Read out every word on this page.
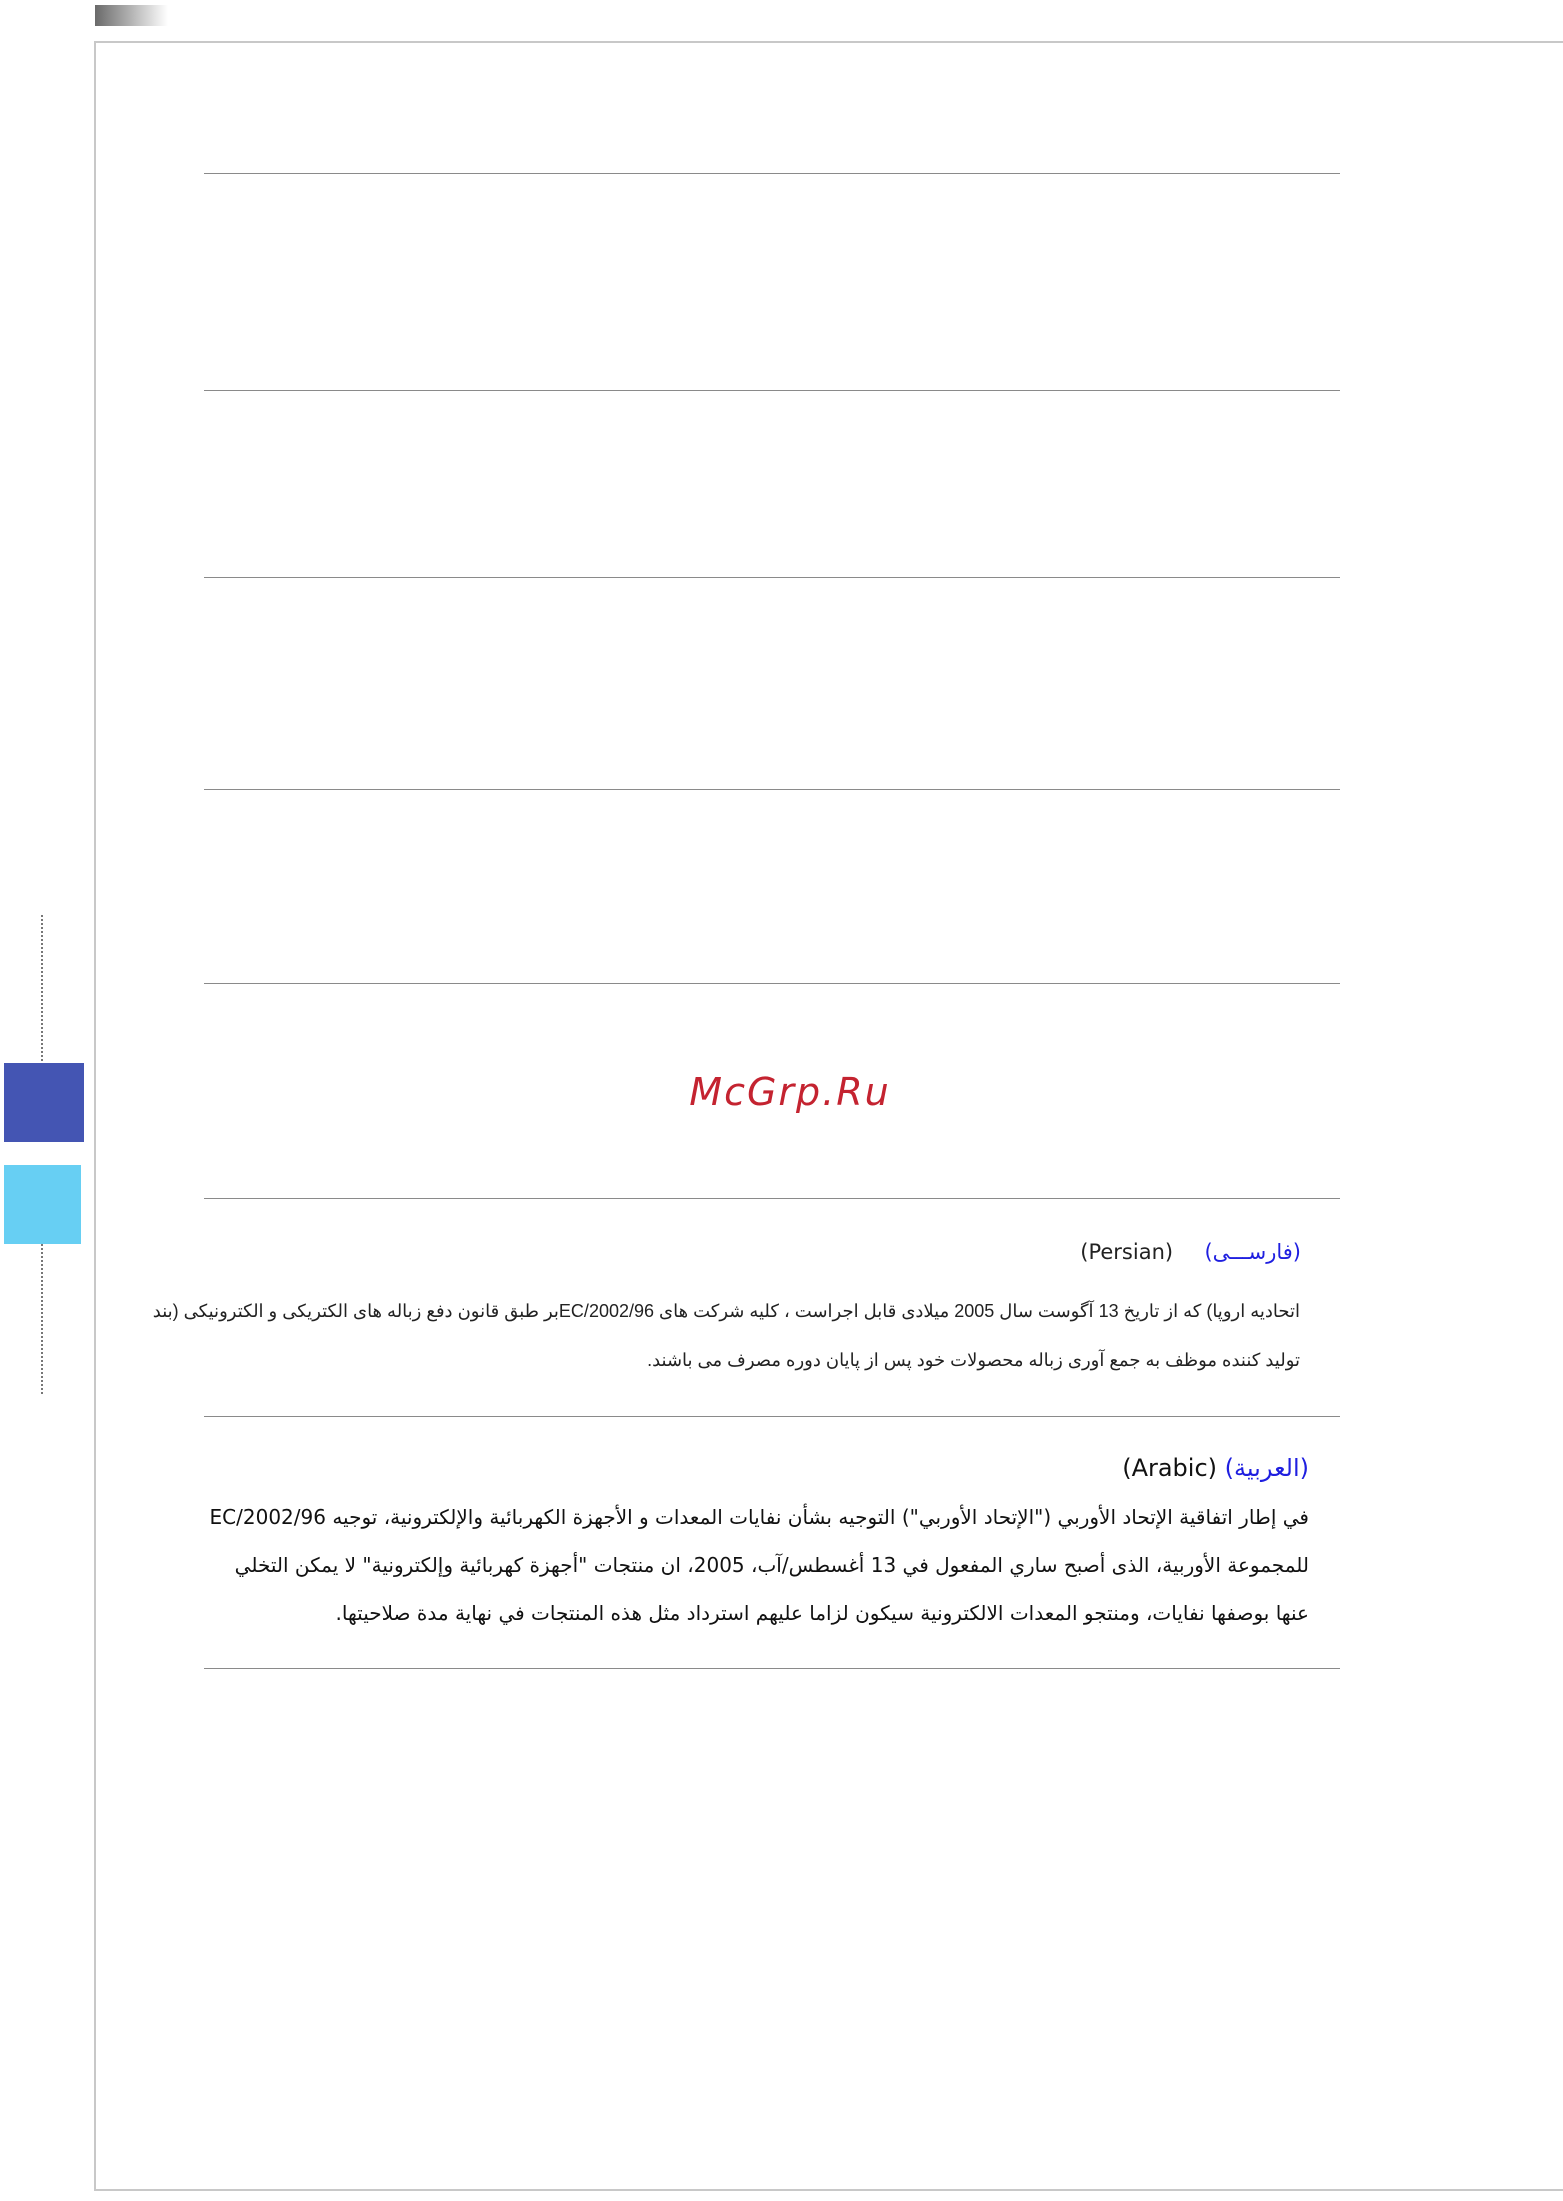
McGrp.Ru
(فارســـی)  (Persian)
اتحادیه اروپا) که از تاریخ 13 آگوست سال 2005 میلادی قابل اجراست ، کلیه شرکت های 2002/96/ECبر طبق قانون دفع زباله های الکتریکی و الکترونیکی (بند
تولید کننده موظف به جمع آوری زباله محصولات خود پس از پایان دوره مصرف می باشند.
(العربية) (Arabic)
في إطار اتفاقية الإتحاد الأوربي ("الإتحاد الأوربي") التوجيه بشأن نفايات المعدات و الأجهزة الكهربائية والإلكترونية، توجيه 2002/96/EC
للمجموعة الأوربية، الذى أصبح ساري المفعول في 13 أغسطس/آب، 2005، ان منتجات "أجهزة كهربائية وإلكترونية" لا يمكن التخلي
عنها بوصفها نفايات، ومنتجو المعدات الالكترونية سيكون لزاما عليهم استرداد مثل هذه المنتجات في نهاية مدة صلاحيتها.
